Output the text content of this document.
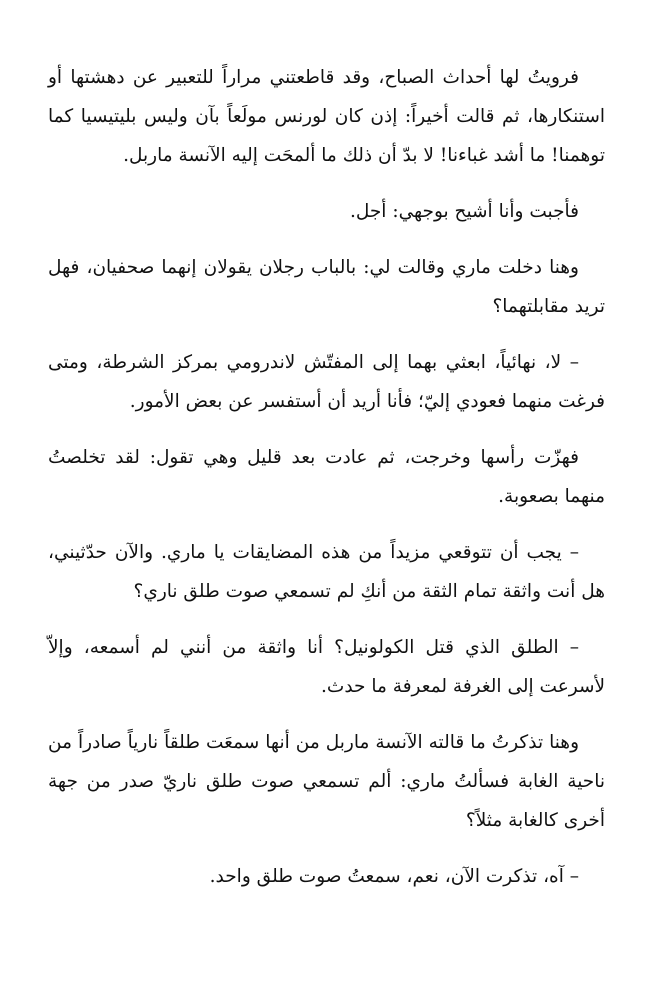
فرويتُ لها أحداث الصباح، وقد قاطعتني مراراً للتعبير عن دهشتها أو استنكارها، ثم قالت أخيراً: إذن كان لورنس مولَعاً بآن وليس بليتيسيا كما توهمنا! ما أشد غباءنا! لا بدّ أن ذلك ما ألمحَت إليه الآنسة ماربل.

فأجبت وأنا أشيح بوجهي: أجل.

وهنا دخلت ماري وقالت لي: بالباب رجلان يقولان إنهما صحفيان، فهل تريد مقابلتهما؟

– لا، نهائياً، ابعثي بهما إلى المفتّش لاندرومي بمركز الشرطة، ومتى فرغت منهما فعودي إليّ؛ فأنا أريد أن أستفسر عن بعض الأمور.

فهزّت رأسها وخرجت، ثم عادت بعد قليل وهي تقول: لقد تخلصتُ منهما بصعوبة.

– يجب أن تتوقعي مزيداً من هذه المضايقات يا ماري. والآن حدّثيني، هل أنت واثقة تمام الثقة من أنكِ لم تسمعي صوت طلق ناري؟

– الطلق الذي قتل الكولونيل؟ أنا واثقة من أنني لم أسمعه، وإلاّ لأسرعت إلى الغرفة لمعرفة ما حدث.

وهنا تذكرتُ ما قالته الآنسة ماربل من أنها سمعَت طلقاً نارياً صادراً من ناحية الغابة فسألتُ ماري: ألم تسمعي صوت طلق ناريّ صدر من جهة أخرى كالغابة مثلاً؟

– آه، تذكرت الآن، نعم، سمعتُ صوت طلق واحد.
